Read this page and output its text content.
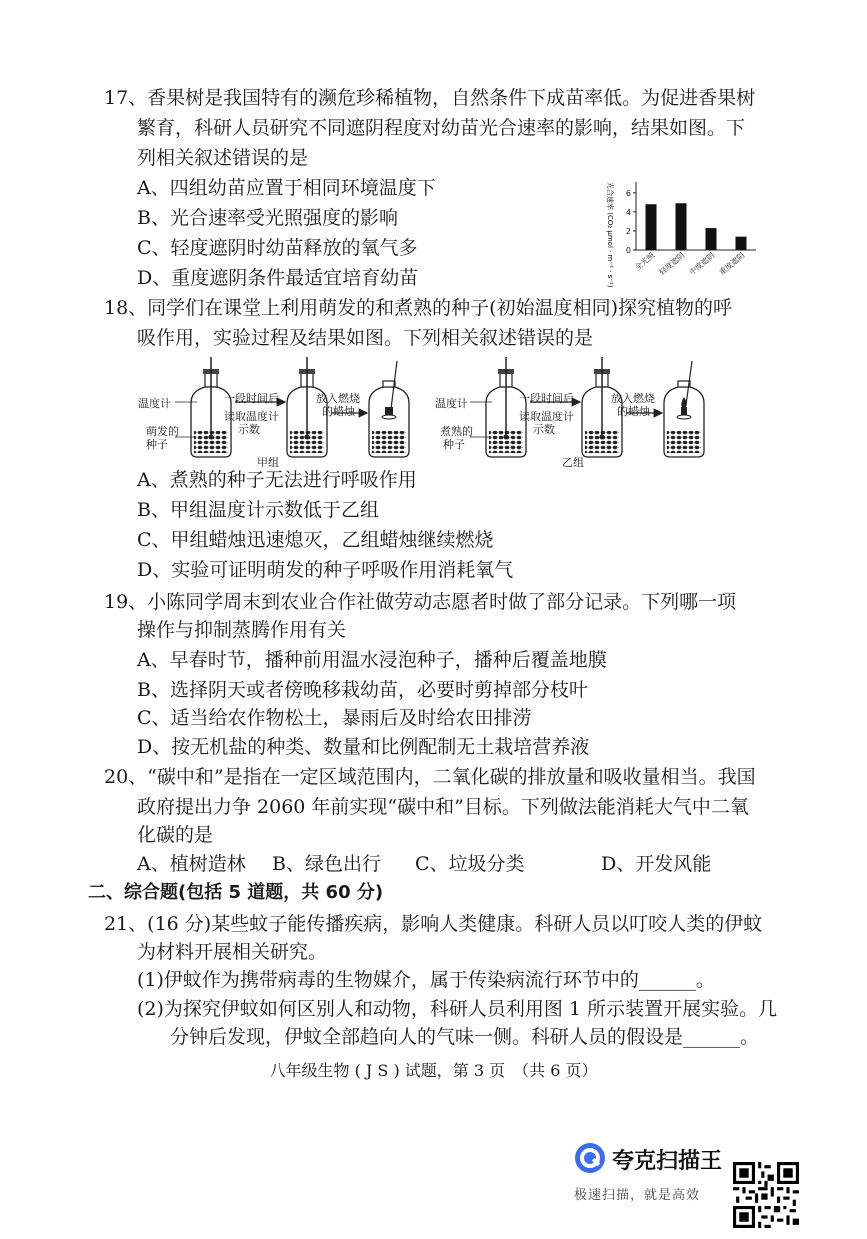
17、香果树是我国特有的濒危珍稀植物，自然条件下成苗率低。为促进香果树
繁育，科研人员研究不同遮阴程度对幼苗光合速率的影响，结果如图。下
列相关叙述错误的是
A、四组幼苗应置于相同环境温度下
B、光合速率受光照强度的影响
C、轻度遮阴时幼苗释放的氧气多
D、重度遮阴条件最适宜培育幼苗	光合速率 (CO₂ μmol · m⁻² · s⁻¹) 0
2
4
6
全光照 轻度遮阴 中度遮阴 重度遮阴
18、同学们在课堂上利用萌发的和煮熟的种子(初始温度相同)探究植物的呼
吸作用，实验过程及结果如图。下列相关叙述错误的是
温度计
萌发的
种子
一段时间后
读取温度计
示数
放入燃烧
的蜡烛
甲组
温度计
煮熟的
种子
一段时间后
读取温度计
示数
放入燃烧
的蜡烛
乙组
A、煮熟的种子无法进行呼吸作用
B、甲组温度计示数低于乙组
C、甲组蜡烛迅速熄灭，乙组蜡烛继续燃烧
D、实验可证明萌发的种子呼吸作用消耗氧气
19、小陈同学周末到农业合作社做劳动志愿者时做了部分记录。下列哪一项
操作与抑制蒸腾作用有关
A、早春时节，播种前用温水浸泡种子，播种后覆盖地膜
B、选择阴天或者傍晚移栽幼苗，必要时剪掉部分枝叶
C、适当给农作物松土，暴雨后及时给农田排涝
D、按无机盐的种类、数量和比例配制无土栽培营养液
20、“碳中和”是指在一定区域范围内，二氧化碳的排放量和吸收量相当。我国
政府提出力争 2060 年前实现“碳中和”目标。下列做法能消耗大气中二氧
化碳的是
A、植树造林 B、绿色出行 C、垃圾分类	D、开发风能
二、综合题(包括 5 道题，共 60 分)
21、(16 分)某些蚊子能传播疾病，影响人类健康。科研人员以叮咬人类的伊蚊
为材料开展相关研究。
(1)伊蚊作为携带病毒的生物媒介，属于传染病流行环节中的______。
(2)为探究伊蚊如何区别人和动物，科研人员利用图 1 所示装置开展实验。几
分钟后发现，伊蚊全部趋向人的气味一侧。科研人员的假设是______。
八年级生物 ( J S ) 试题，第 3 页　（共 6 页）
夸克扫描王
极速扫描，就是高效
